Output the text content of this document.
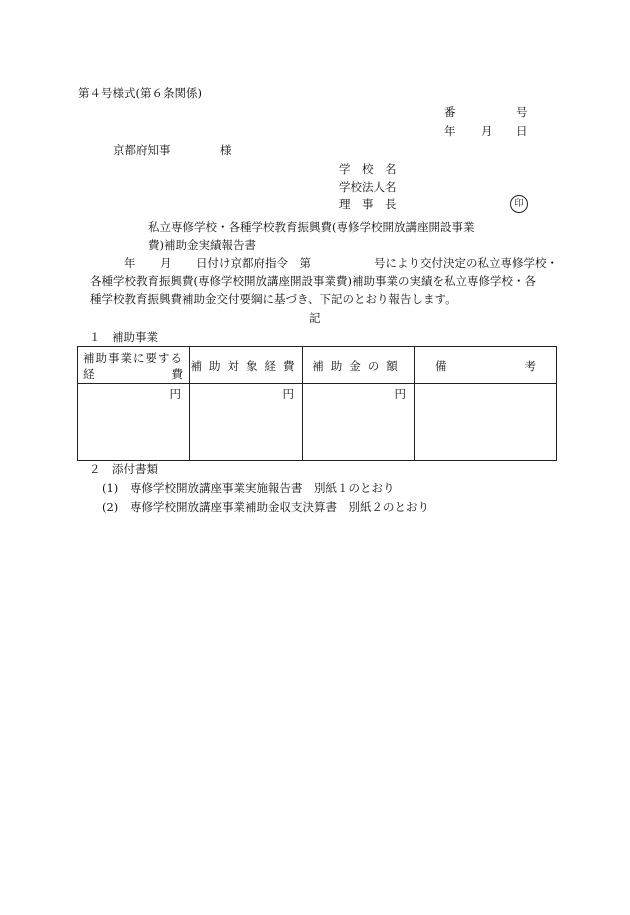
第４号様式(第６条関係)
番	号
年 月 日
京都府知事	様
学　校　名
学校法人名
理　事　長	印
私立専修学校・各種学校教育振興費(専修学校開放講座開設事業
費)補助金実績報告書
年 月 日付け京都府指令　第	号により交付決定の私立専修学校・
各種学校教育振興費(専修学校開放講座開設事業費)補助事業の実績を私立専修学校・各
種学校教育振興費補助金交付要綱に基づき、下記のとおり報告します。
記
１　補助事業
補助事業に要する
経 費	補助対象経費	補助金の額	備 考

円	円	円	
２　添付書類
(1) 専修学校開放講座事業実施報告書　別紙１のとおり
(2) 専修学校開放講座事業補助金収支決算書　別紙２のとおり
